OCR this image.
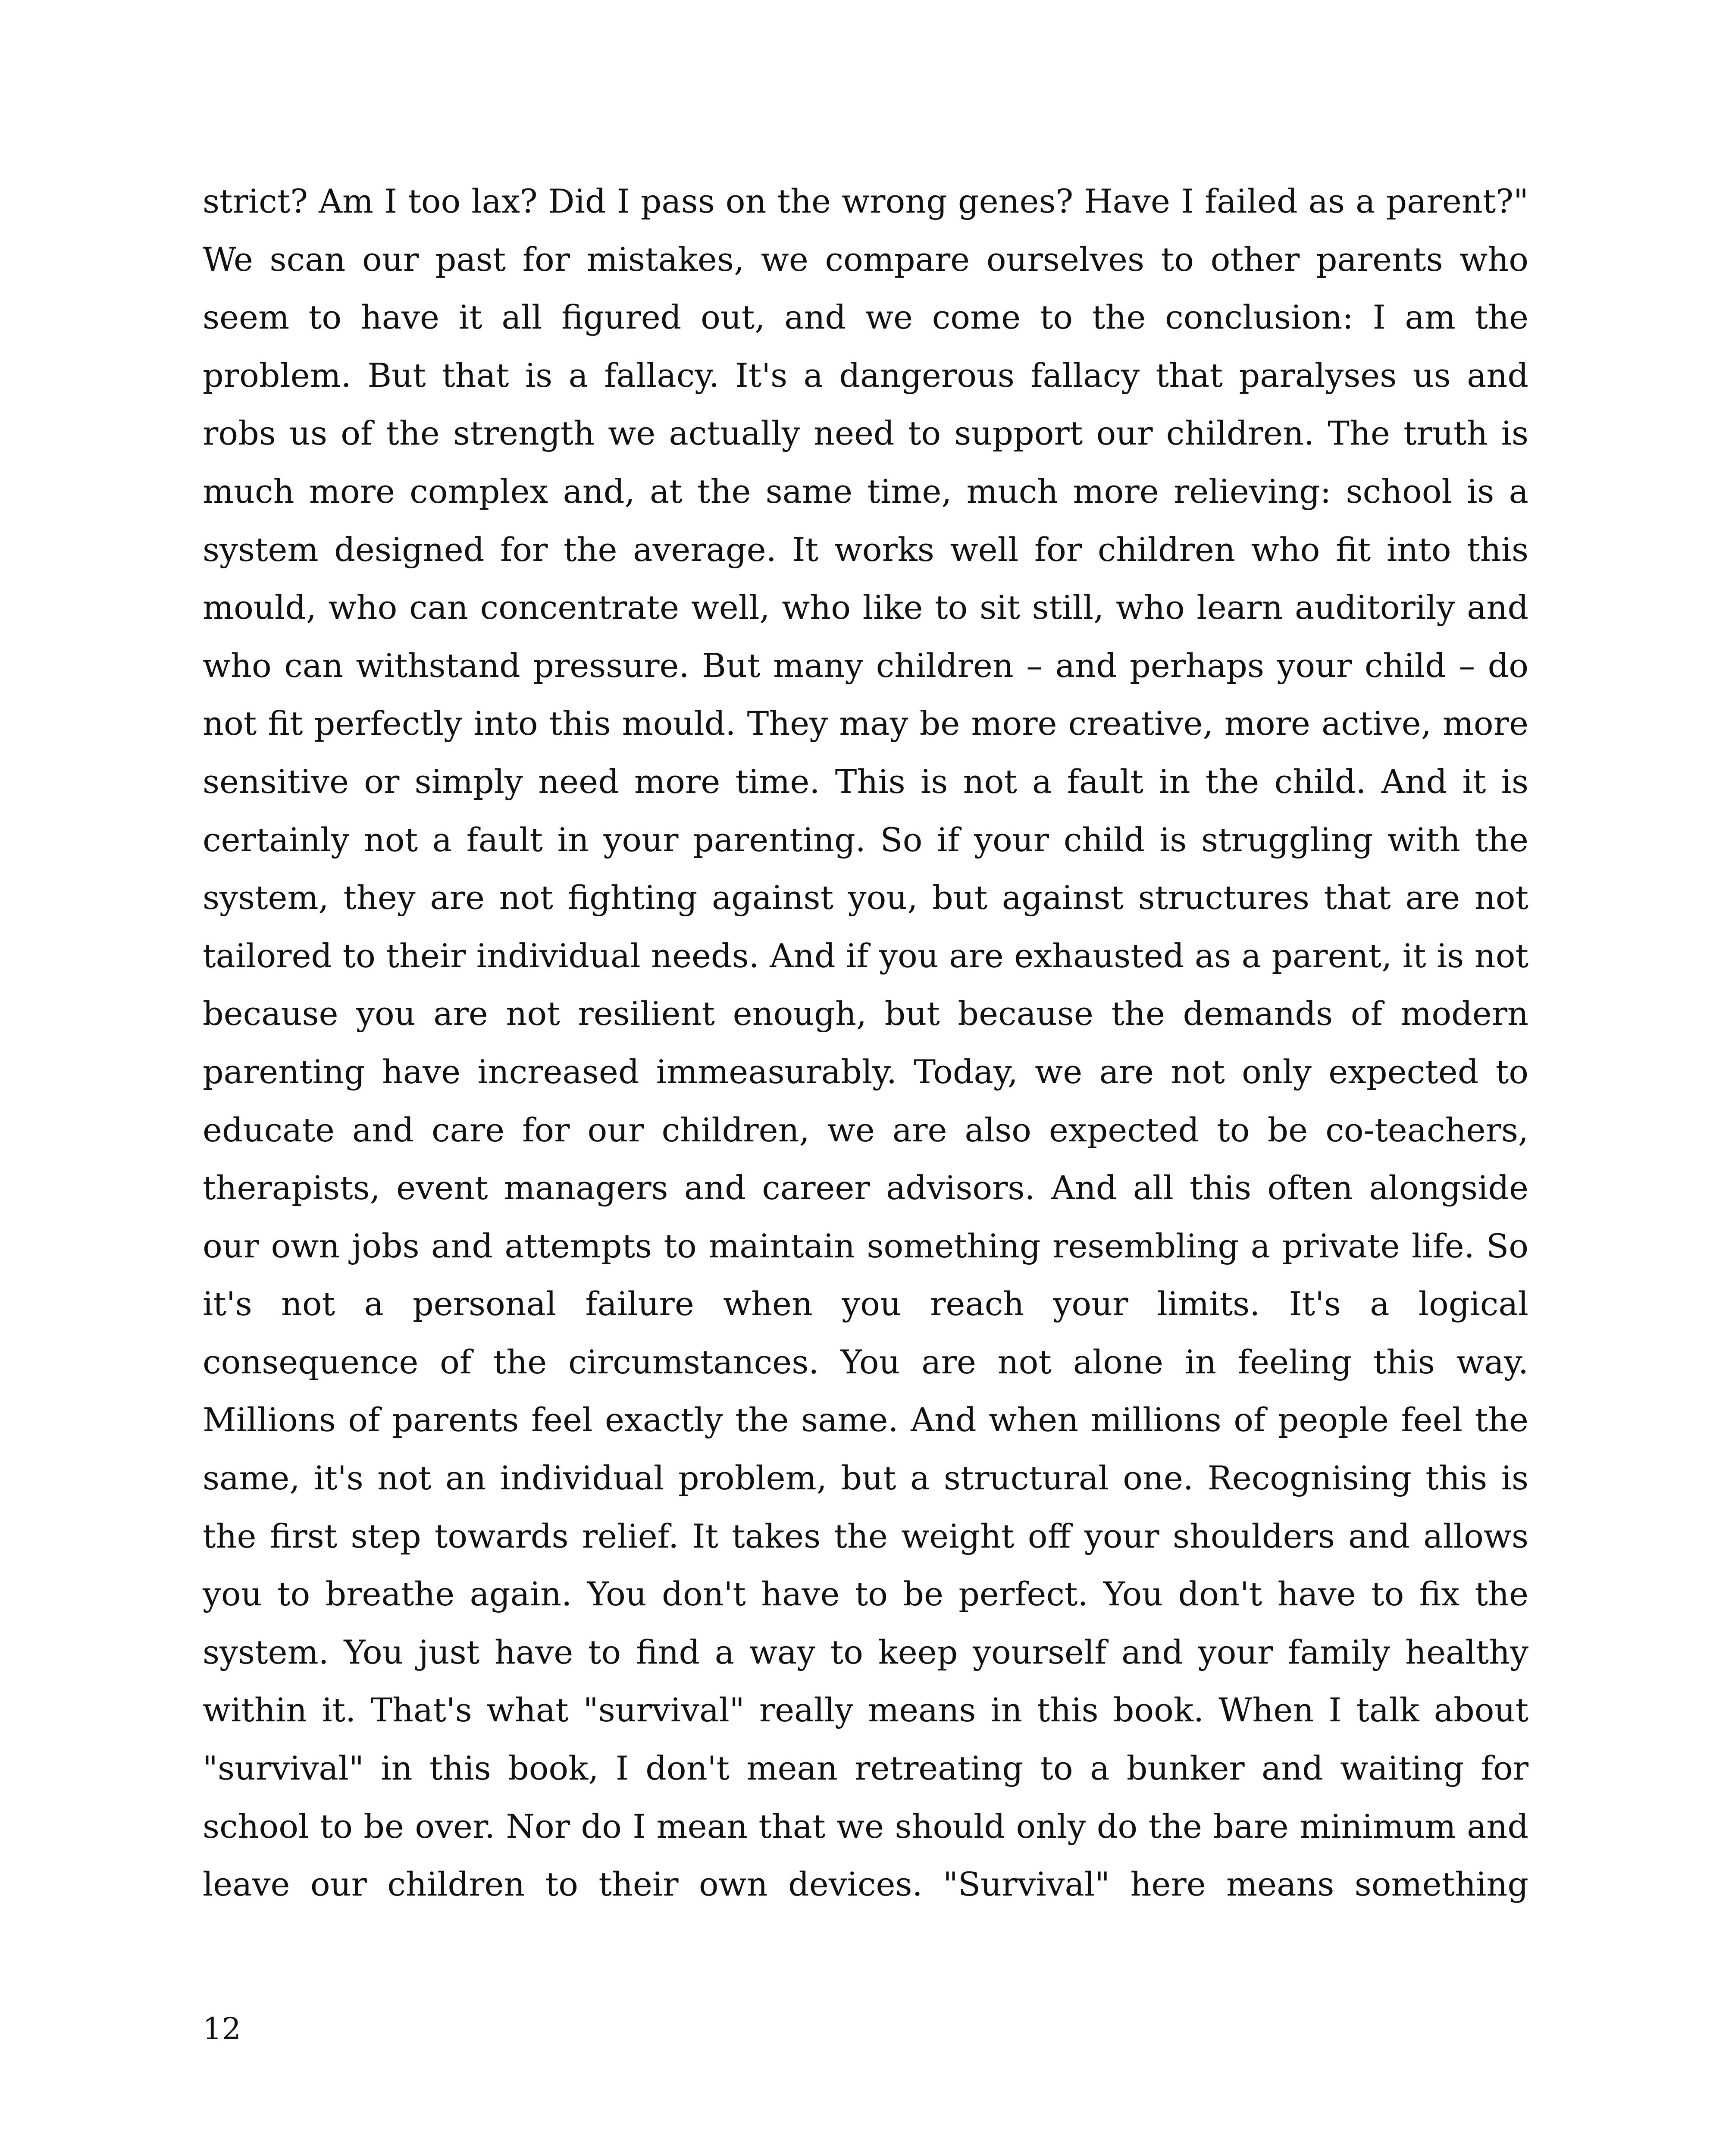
strict? Am I too lax? Did I pass on the wrong genes? Have I failed as a parent?" We scan our past for mistakes, we compare ourselves to other parents who seem to have it all figured out, and we come to the conclusion: I am the problem. But that is a fallacy. It's a dangerous fallacy that paralyses us and robs us of the strength we actually need to support our children. The truth is much more complex and, at the same time, much more relieving: school is a system designed for the average. It works well for children who fit into this mould, who can concentrate well, who like to sit still, who learn auditorily and who can withstand pressure. But many children – and perhaps your child – do not fit perfectly into this mould. They may be more creative, more active, more sensitive or simply need more time. This is not a fault in the child. And it is certainly not a fault in your parenting. So if your child is struggling with the system, they are not fighting against you, but against structures that are not tailored to their individual needs. And if you are exhausted as a parent, it is not because you are not resilient enough, but because the demands of modern parenting have increased immeasurably. Today, we are not only expected to educate and care for our children, we are also expected to be co-teachers, therapists, event managers and career advisors. And all this often alongside our own jobs and attempts to maintain something resembling a private life. So it's not a personal failure when you reach your limits. It's a logical consequence of the circumstances. You are not alone in feeling this way. Millions of parents feel exactly the same. And when millions of people feel the same, it's not an individual problem, but a structural one. Recognising this is the first step towards relief. It takes the weight off your shoulders and allows you to breathe again. You don't have to be perfect. You don't have to fix the system. You just have to find a way to keep yourself and your family healthy within it. That's what "survival" really means in this book. When I talk about "survival" in this book, I don't mean retreating to a bunker and waiting for school to be over. Nor do I mean that we should only do the bare minimum and leave our children to their own devices. "Survival" here means something

12
